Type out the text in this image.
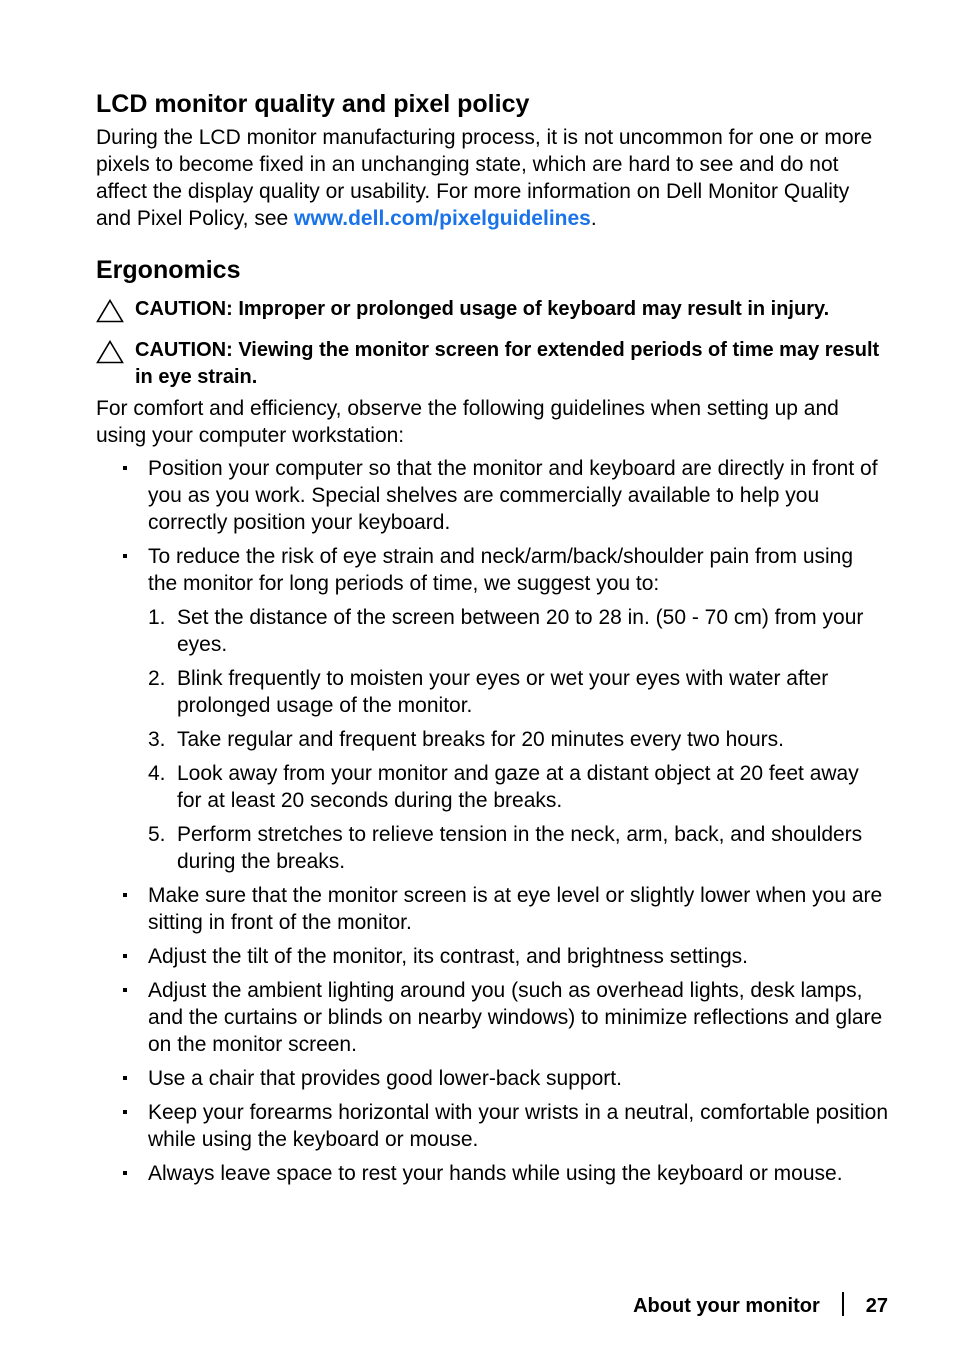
LCD monitor quality and pixel policy

During the LCD monitor manufacturing process, it is not uncommon for one or more pixels to become fixed in an unchanging state, which are hard to see and do not affect the display quality or usability. For more information on Dell Monitor Quality and Pixel Policy, see www.dell.com/pixelguidelines.

Ergonomics
CAUTION: Improper or prolonged usage of keyboard may result in injury.
CAUTION: Viewing the monitor screen for extended periods of time may result in eye strain.

For comfort and efficiency, observe the following guidelines when setting up and using your computer workstation:

Position your computer so that the monitor and keyboard are directly in front of you as you work. Special shelves are commercially available to help you correctly position your keyboard.
To reduce the risk of eye strain and neck/arm/back/shoulder pain from using the monitor for long periods of time, we suggest you to:
1. Set the distance of the screen between 20 to 28 in. (50 - 70 cm) from your eyes.
2. Blink frequently to moisten your eyes or wet your eyes with water after prolonged usage of the monitor.
3. Take regular and frequent breaks for 20 minutes every two hours.
4. Look away from your monitor and gaze at a distant object at 20 feet away for at least 20 seconds during the breaks.
5. Perform stretches to relieve tension in the neck, arm, back, and shoulders during the breaks.
Make sure that the monitor screen is at eye level or slightly lower when you are sitting in front of the monitor.
Adjust the tilt of the monitor, its contrast, and brightness settings.
Adjust the ambient lighting around you (such as overhead lights, desk lamps, and the curtains or blinds on nearby windows) to minimize reflections and glare on the monitor screen.
Use a chair that provides good lower-back support.
Keep your forearms horizontal with your wrists in a neutral, comfortable position while using the keyboard or mouse.
Always leave space to rest your hands while using the keyboard or mouse.
About your monitor 27
